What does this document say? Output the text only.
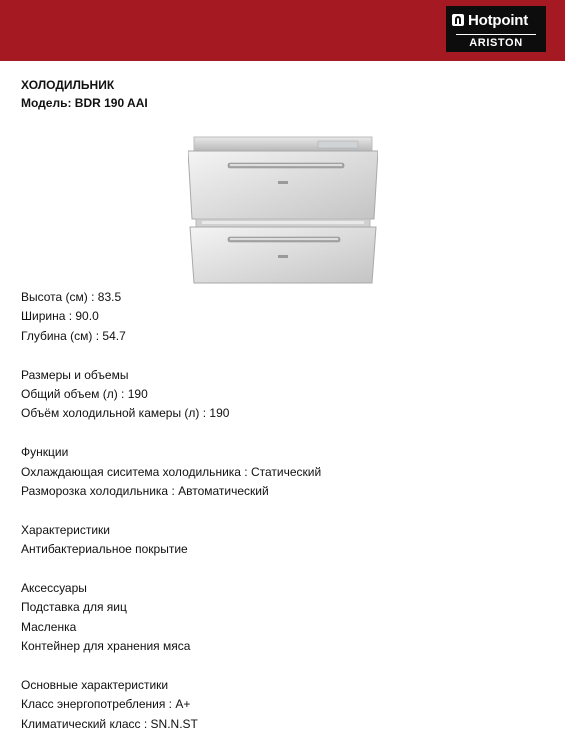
Hotpoint
ARISTON
ХОЛОДИЛЬНИК
Модель: BDR 190 AAI
Высота (см) : 83.5
Ширина : 90.0
Глубина (см) : 54.7
Размеры и объемы
Общий объем (л) : 190
Объём холодильной камеры (л) : 190
Функции
Охлаждающая сиситема холодильника : Статический
Разморозка холодильника : Автоматический
Характеристики
Антибактериальное покрытие
Аксессуары
Подставка для яиц
Масленка
Контейнер для хранения мяса
Основные характеристики
Класс энергопотребления : A+
Климатический класс : SN.N.ST
